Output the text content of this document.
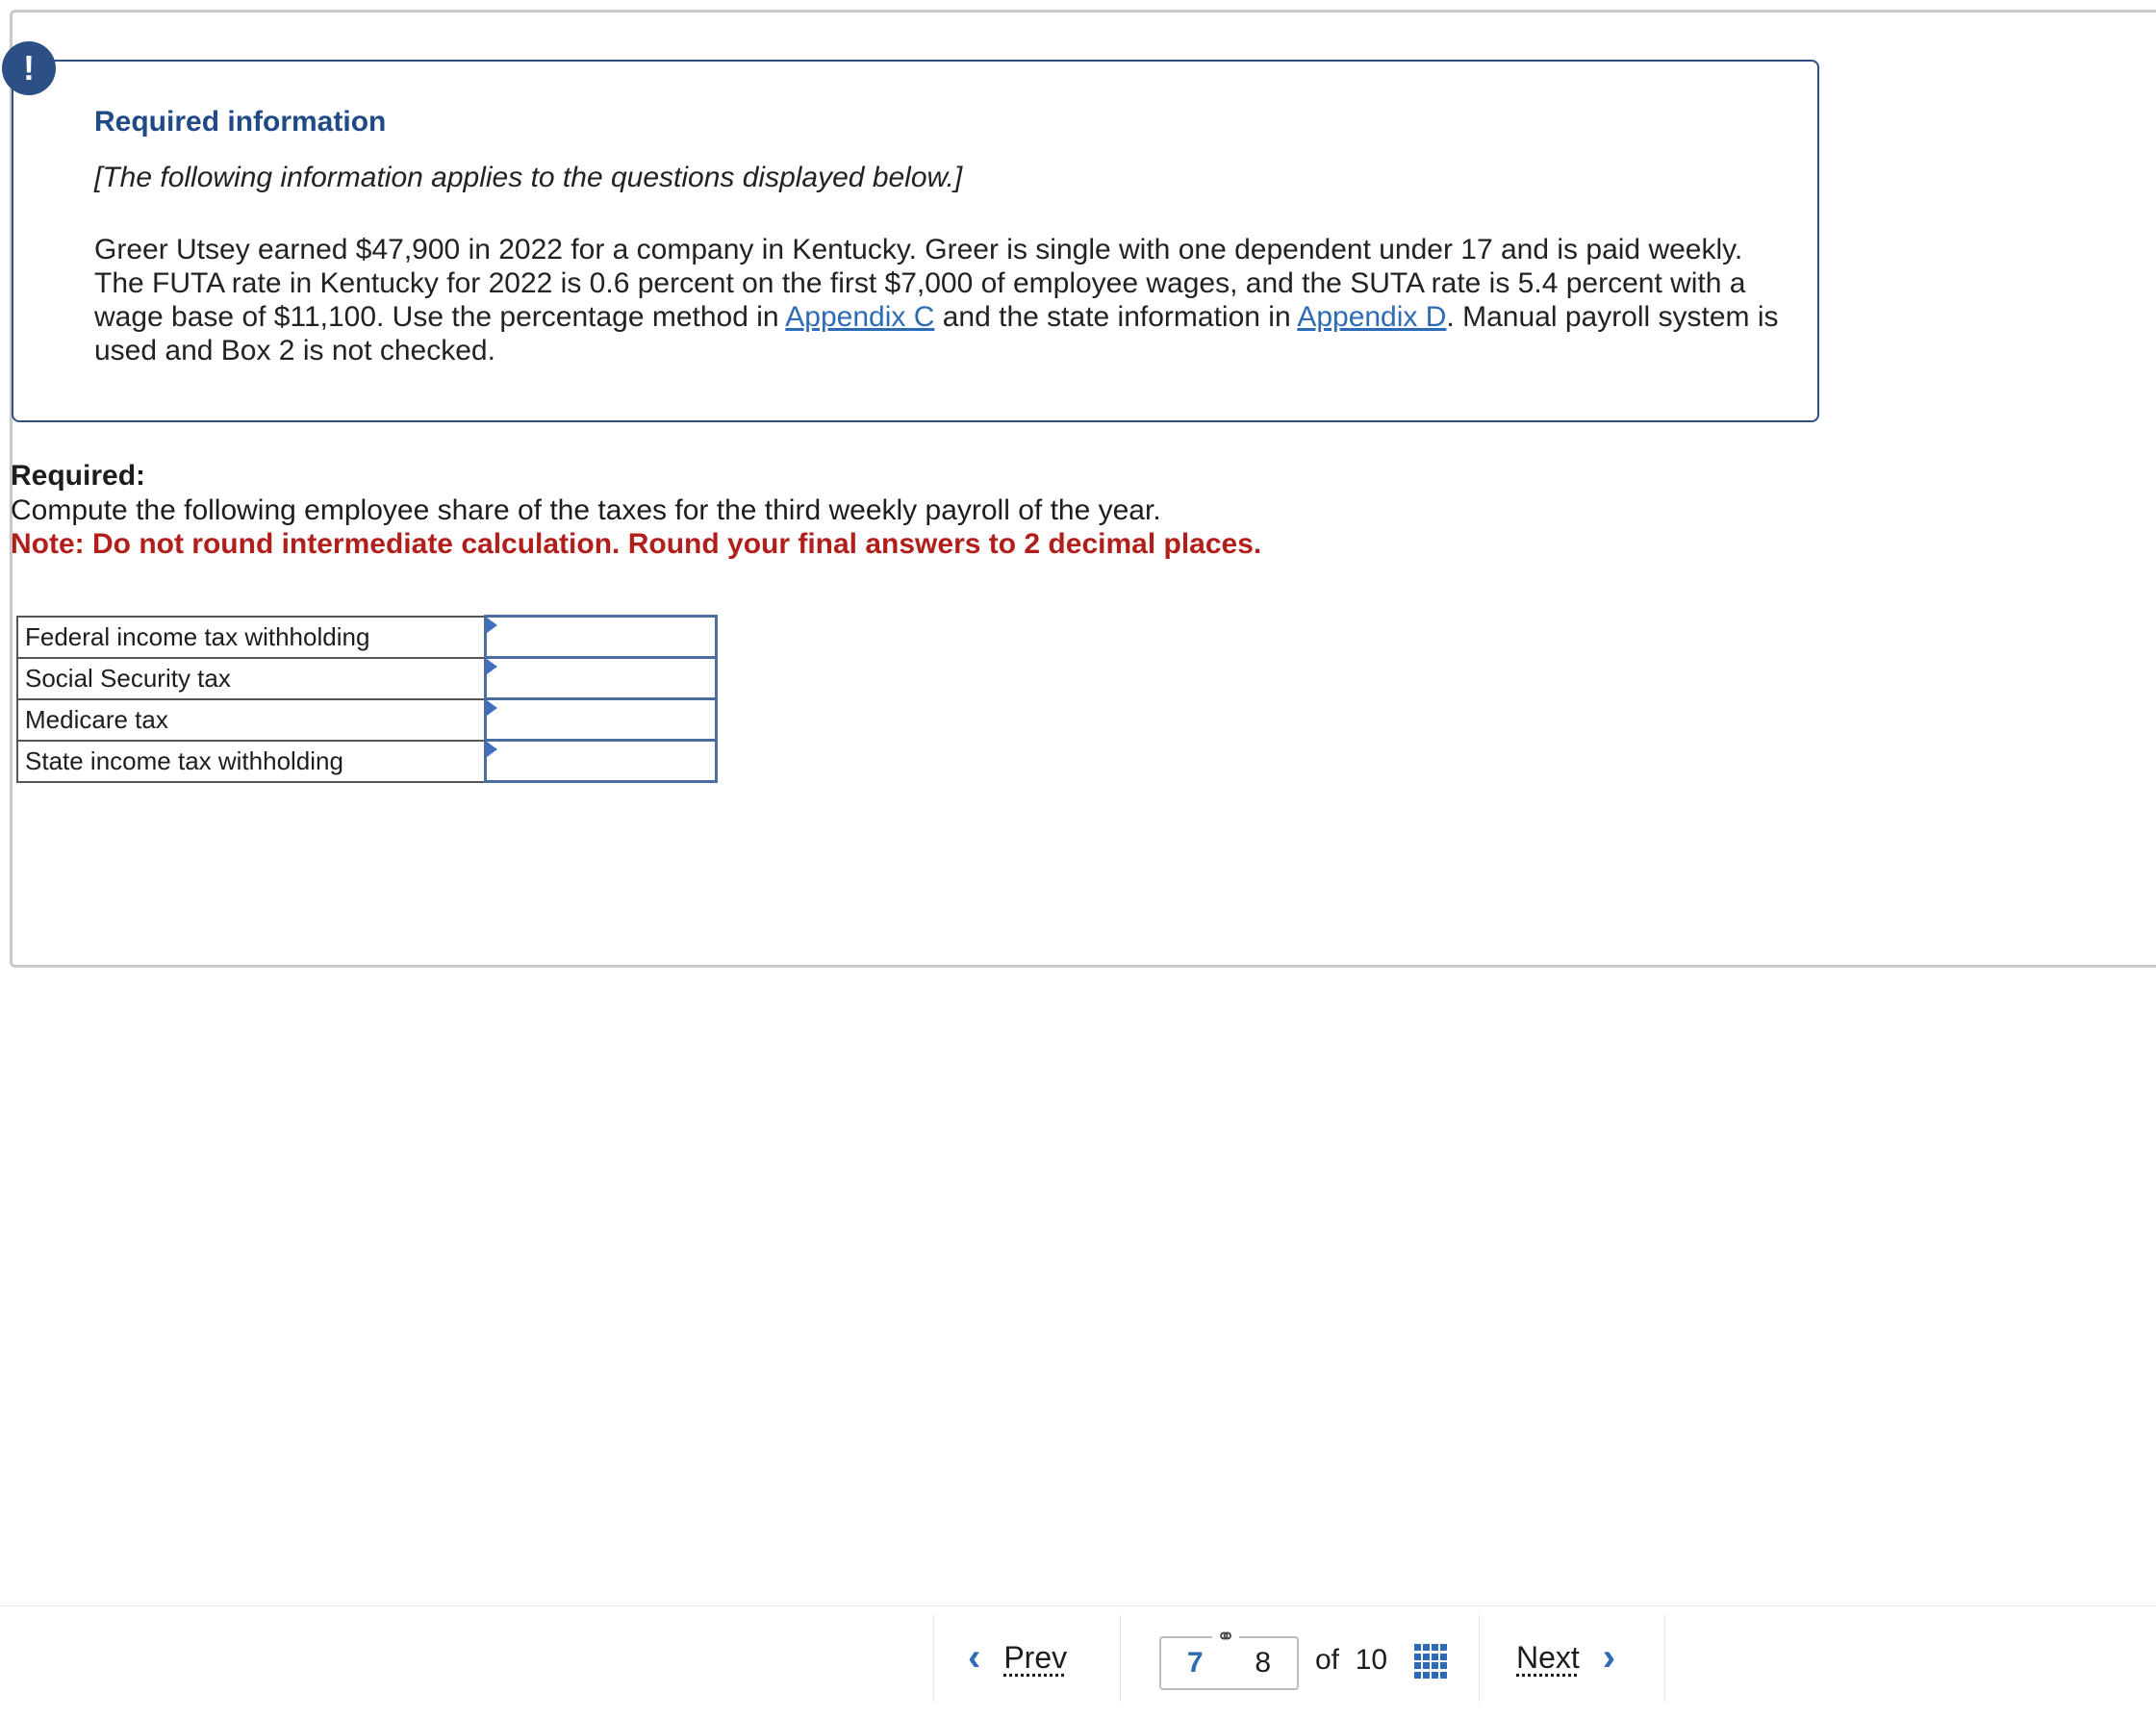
!
Required information
[The following information applies to the questions displayed below.]
Greer Utsey earned $47,900 in 2022 for a company in Kentucky. Greer is single with one dependent under 17 and is paid weekly. The FUTA rate in Kentucky for 2022 is 0.6 percent on the first $7,000 of employee wages, and the SUTA rate is 5.4 percent with a wage base of $11,100. Use the percentage method in Appendix C and the state information in Appendix D. Manual payroll system is used and Box 2 is not checked.
Required:
Compute the following employee share of the taxes for the third weekly payroll of the year.
Note: Do not round intermediate calculation. Round your final answers to 2 decimal places.
Federal income tax withholding	

Social Security tax	

Medicare tax	

State income tax withholding	
‹ Prev	7 8
⚭
of 10	Next ›
